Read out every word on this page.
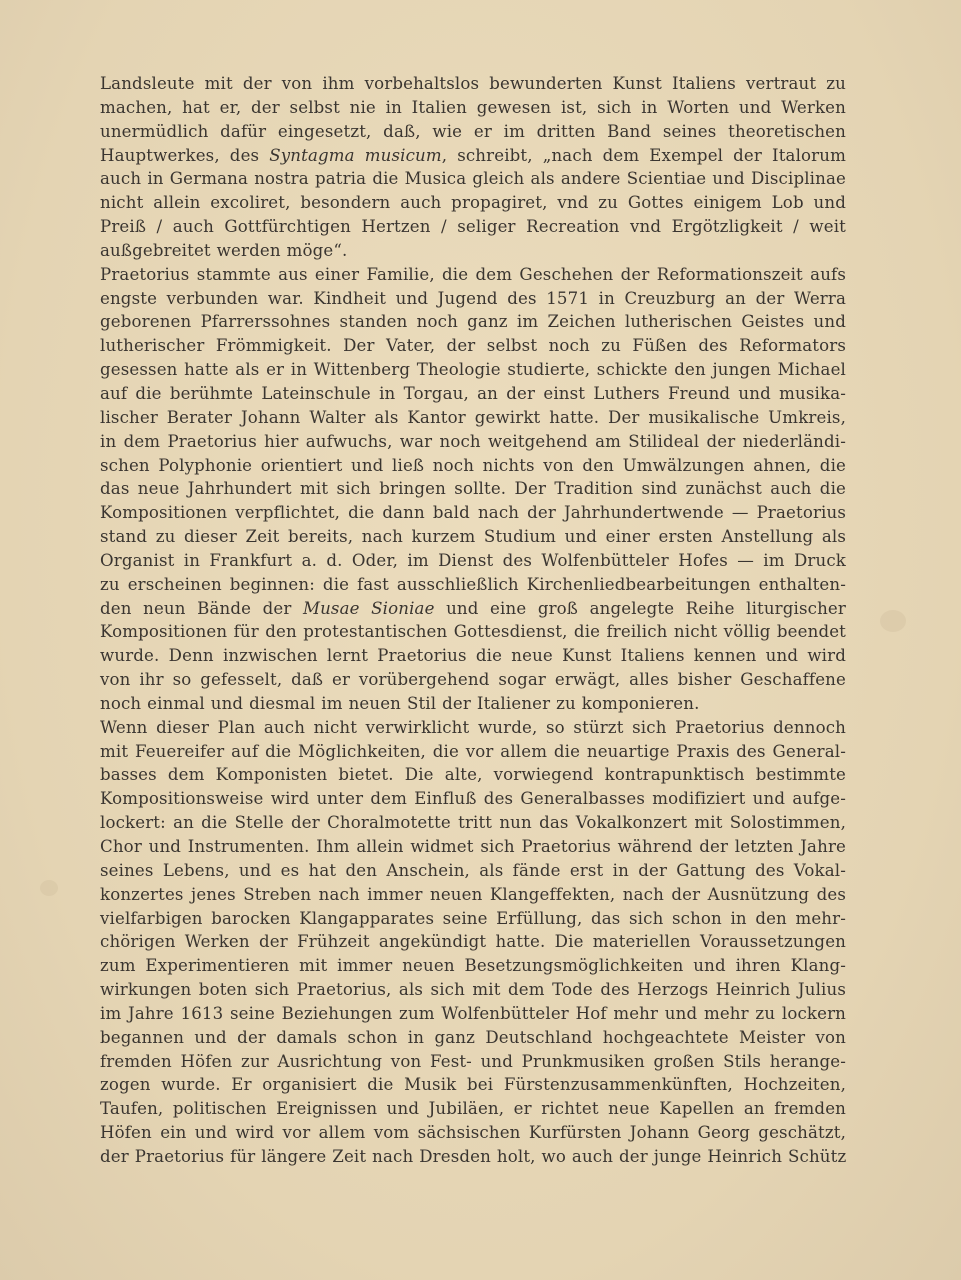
Landsleute mit der von ihm vorbehaltslos bewunderten Kunst Italiens vertraut zu
machen, hat er, der selbst nie in Italien gewesen ist, sich in Worten und Werken
unermüdlich dafür eingesetzt, daß, wie er im dritten Band seines theoretischen
Hauptwerkes, des Syntagma musicum, schreibt, „nach dem Exempel der Italorum
auch in Germana nostra patria die Musica gleich als andere Scientiae und Disciplinae
nicht allein excoliret, besondern auch propagiret, vnd zu Gottes einigem Lob und
Preiß / auch Gottfürchtigen Hertzen / seliger Recreation vnd Ergötzligkeit / weit
außgebreitet werden möge“.
Praetorius stammte aus einer Familie, die dem Geschehen der Reformationszeit aufs
engste verbunden war. Kindheit und Jugend des 1571 in Creuzburg an der Werra
geborenen Pfarrerssohnes standen noch ganz im Zeichen lutherischen Geistes und
lutherischer Frömmigkeit. Der Vater, der selbst noch zu Füßen des Reformators
gesessen hatte als er in Wittenberg Theologie studierte, schickte den jungen Michael
auf die berühmte Lateinschule in Torgau, an der einst Luthers Freund und musika-
lischer Berater Johann Walter als Kantor gewirkt hatte. Der musikalische Umkreis,
in dem Praetorius hier aufwuchs, war noch weitgehend am Stilideal der niederländi-
schen Polyphonie orientiert und ließ noch nichts von den Umwälzungen ahnen, die
das neue Jahrhundert mit sich bringen sollte. Der Tradition sind zunächst auch die
Kompositionen verpflichtet, die dann bald nach der Jahrhundertwende — Praetorius
stand zu dieser Zeit bereits, nach kurzem Studium und einer ersten Anstellung als
Organist in Frankfurt a. d. Oder, im Dienst des Wolfenbütteler Hofes — im Druck
zu erscheinen beginnen: die fast ausschließlich Kirchenliedbearbeitungen enthalten-
den neun Bände der Musae Sioniae und eine groß angelegte Reihe liturgischer
Kompositionen für den protestantischen Gottesdienst, die freilich nicht völlig beendet
wurde. Denn inzwischen lernt Praetorius die neue Kunst Italiens kennen und wird
von ihr so gefesselt, daß er vorübergehend sogar erwägt, alles bisher Geschaffene
noch einmal und diesmal im neuen Stil der Italiener zu komponieren.
Wenn dieser Plan auch nicht verwirklicht wurde, so stürzt sich Praetorius dennoch
mit Feuereifer auf die Möglichkeiten, die vor allem die neuartige Praxis des General-
basses dem Komponisten bietet. Die alte, vorwiegend kontrapunktisch bestimmte
Kompositionsweise wird unter dem Einfluß des Generalbasses modifiziert und aufge-
lockert: an die Stelle der Choralmotette tritt nun das Vokalkonzert mit Solostimmen,
Chor und Instrumenten. Ihm allein widmet sich Praetorius während der letzten Jahre
seines Lebens, und es hat den Anschein, als fände erst in der Gattung des Vokal-
konzertes jenes Streben nach immer neuen Klangeffekten, nach der Ausnützung des
vielfarbigen barocken Klangapparates seine Erfüllung, das sich schon in den mehr-
chörigen Werken der Frühzeit angekündigt hatte. Die materiellen Voraussetzungen
zum Experimentieren mit immer neuen Besetzungsmöglichkeiten und ihren Klang-
wirkungen boten sich Praetorius, als sich mit dem Tode des Herzogs Heinrich Julius
im Jahre 1613 seine Beziehungen zum Wolfenbütteler Hof mehr und mehr zu lockern
begannen und der damals schon in ganz Deutschland hochgeachtete Meister von
fremden Höfen zur Ausrichtung von Fest- und Prunkmusiken großen Stils herange-
zogen wurde. Er organisiert die Musik bei Fürstenzusammenkünften, Hochzeiten,
Taufen, politischen Ereignissen und Jubiläen, er richtet neue Kapellen an fremden
Höfen ein und wird vor allem vom sächsischen Kurfürsten Johann Georg geschätzt,
der Praetorius für längere Zeit nach Dresden holt, wo auch der junge Heinrich Schütz
